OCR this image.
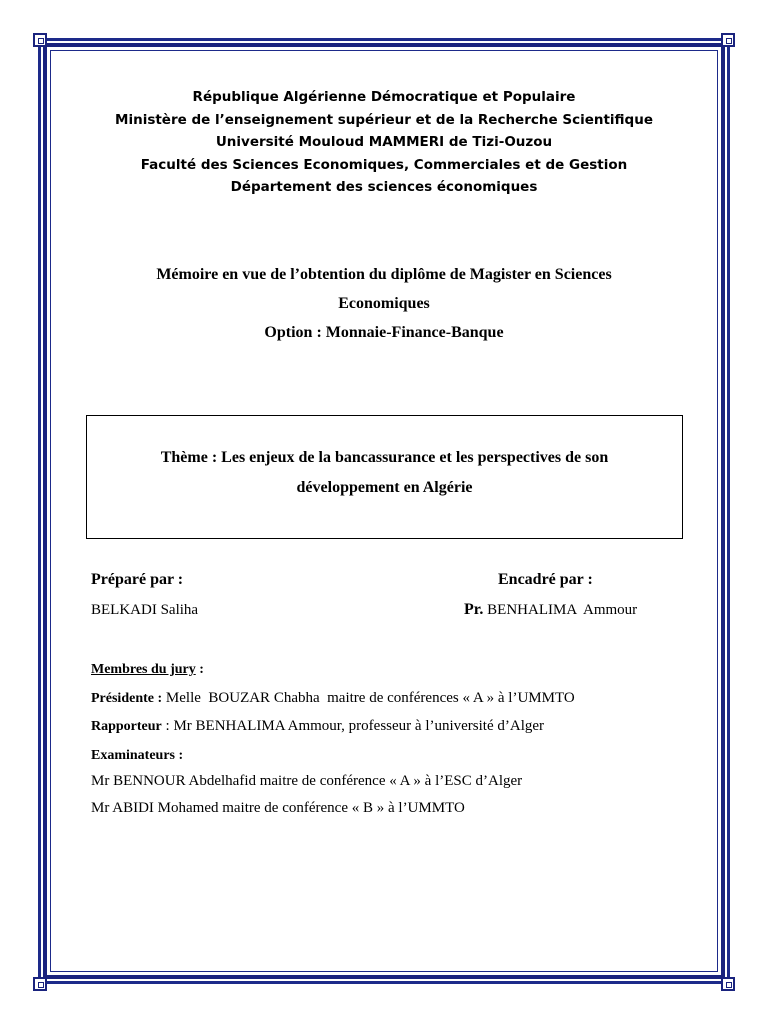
République Algérienne Démocratique et Populaire
Ministère de l’enseignement supérieur et de la Recherche Scientifique
Université Mouloud MAMMERI de Tizi-Ouzou
Faculté des Sciences Economiques, Commerciales et de Gestion
Département des sciences économiques
Mémoire en vue de l’obtention du diplôme de Magister en Sciences
Economiques
Option : Monnaie-Finance-Banque
Thème : Les enjeux de la bancassurance et les perspectives de son
développement en Algérie
Préparé par :
BELKADI Saliha
Encadré par :
Pr. BENHALIMA  Ammour
Membres du jury :
Présidente : Melle  BOUZAR Chabha  maitre de conférences « A » à l’UMMTO
Rapporteur : Mr BENHALIMA Ammour, professeur à l’université d’Alger
Examinateurs :
Mr BENNOUR Abdelhafid maitre de conférence « A » à l’ESC d’Alger
Mr ABIDI Mohamed maitre de conférence « B » à l’UMMTO
